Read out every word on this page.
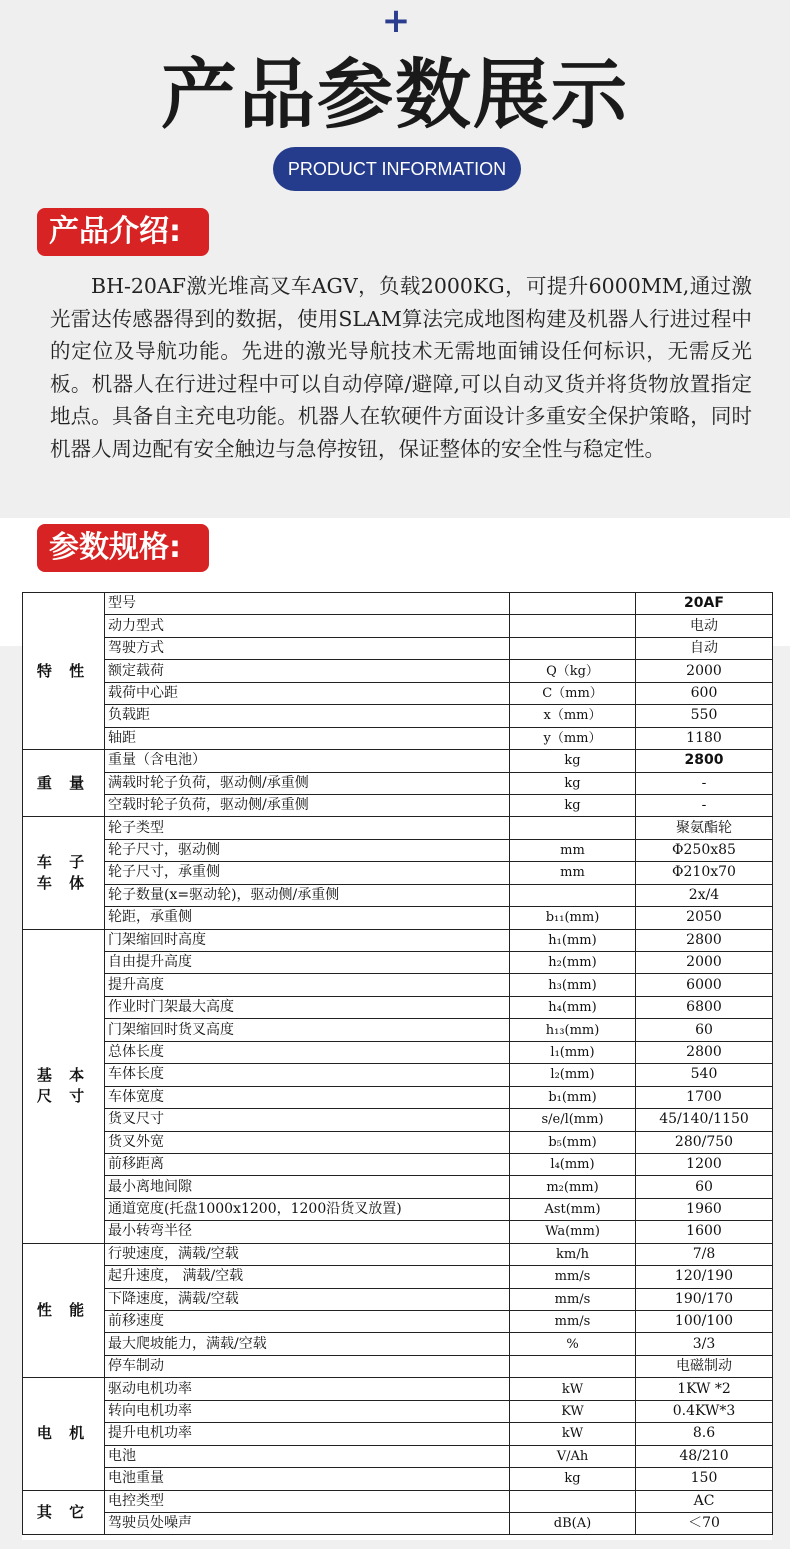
+
产品参数展示
PRODUCT INFORMATION
产品介绍:
BH-20AF激光堆高叉车AGV，负载2000KG，可提升6000MM,通过激光雷达传感器得到的数据，使用SLAM算法完成地图构建及机器人行进过程中的定位及导航功能。先进的激光导航技术无需地面铺设任何标识，无需反光板。机器人在行进过程中可以自动停障/避障,可以自动叉货并将货物放置指定地点。具备自主充电功能。机器人在软硬件方面设计多重安全保护策略，同时机器人周边配有安全触边与急停按钮，保证整体的安全性与稳定性。
参数规格:
特 性	型号		20AF
	动力型式		电动
	驾驶方式		自动
	额定载荷	Q（kg）	2000
	载荷中心距	C（mm）	600
	负载距	x（mm）	550
	轴距	y（mm）	1180
重 量	重量（含电池）	kg	2800
	满载时轮子负荷，驱动侧/承重侧	kg	-
	空载时轮子负荷，驱动侧/承重侧	kg	-
车 子 车 体	轮子类型		聚氨酯轮
	轮子尺寸，驱动侧	mm	Φ250x85
	轮子尺寸，承重侧	mm	Φ210x70
	轮子数量(x=驱动轮)，驱动侧/承重侧		2x/4
	轮距，承重侧	b₁₁(mm)	2050
基 本 尺 寸	门架缩回时高度	h₁(mm)	2800
	自由提升高度	h₂(mm)	2000
	提升高度	h₃(mm)	6000
	作业时门架最大高度	h₄(mm)	6800
	门架缩回时货叉高度	h₁₃(mm)	60
	总体长度	l₁(mm)	2800
	车体长度	l₂(mm)	540
	车体宽度	b₁(mm)	1700
	货叉尺寸	s/e/l(mm)	45/140/1150
	货叉外宽	b₅(mm)	280/750
	前移距离	l₄(mm)	1200
	最小离地间隙	m₂(mm)	60
	通道宽度(托盘1000x1200，1200沿货叉放置)	Ast(mm)	1960
	最小转弯半径	Wa(mm)	1600
性 能	行驶速度，满载/空载	km/h	7/8
	起升速度， 满载/空载	mm/s	120/190
	下降速度，满载/空载	mm/s	190/170
	前移速度	mm/s	100/100
	最大爬坡能力，满载/空载	%	3/3
	停车制动		电磁制动
电 机	驱动电机功率	kW	1KW *2
	转向电机功率	KW	0.4KW*3
	提升电机功率	kW	8.6
	电池	V/Ah	48/210
	电池重量	kg	150
其 它	电控类型		AC
	驾驶员处噪声	dB(A)	＜70
